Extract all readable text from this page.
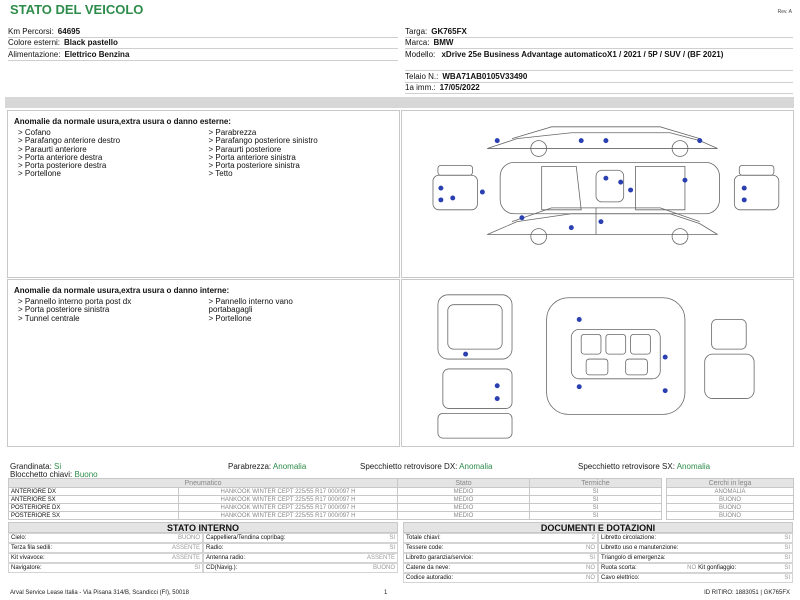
STATO DEL VEICOLO	Rev. A
Km Percorsi: 64695
Colore esterni: Black pastello
Alimentazione: Elettrico Benzina
Targa: GK765FX
Marca: BMW
Modello: xDrive 25e Business Advantage automaticoX1 / 2021 / 5P / SUV / (BF 2021)
Telaio N.: WBA71AB0105V33490
1a imm.: 17/05/2022
Anomalie da normale usura,extra usura o danno esterne:
> Cofano
> Parafango anteriore destro
> Paraurti anteriore
> Porta anteriore destra
> Porta posteriore destra
> Portellone
> Parabrezza
> Parafango posteriore sinistro
> Paraurti posteriore
> Porta anteriore sinistra
> Porta posteriore sinistra
> Tetto
Anomalie da normale usura,extra usura o danno interne:
> Pannello interno porta post dx
> Porta posteriore sinistra
> Tunnel centrale
> Pannello interno vano
portabagagli
> Portellone
Grandinata: Si
Blocchetto chiavi: Buono
Parabrezza: Anomalia	Specchietto retrovisore DX: Anomalia	Specchietto retrovisore SX: Anomalia
Pneumatico		Stato	Termiche
ANTERIORE DX	HANKOOK WINTER CEPT 225/55 R17 000/097 H	MEDIO	SI
ANTERIORE SX	HANKOOK WINTER CEPT 225/55 R17 000/097 H	MEDIO	SI
POSTERIORE DX	HANKOOK WINTER CEPT 225/55 R17 000/097 H	MEDIO	SI
POSTERIORE SX	HANKOOK WINTER CEPT 225/55 R17 000/097 H	MEDIO	SI
Cerchi in lega
ANOMALIA
BUONO
BUONO
BUONO
STATO INTERNO
Cielo:	BUONO Cappelliera/Tendina copribag:	SI
Terza fila sedili:	ASSENTE Radio:	SI
Kit vivavoce:	ASSENTE Antenna radio:	ASSENTE
Navigatore:	SI CD(Navig.):	BUONO
DOCUMENTI E DOTAZIONI
Totale chiavi:	2 Libretto circolazione:	SI
Tessere code:	NO Libretto uso e manutenzione:	SI
Libretto garanzia/service:	SI Triangolo di emergenza:	SI
Catene da neve:	NO Ruota scorta:	NO Kit gonfiaggio:	SI
Codice autoradio:	NO Cavo elettrico:	SI
Arval Service Lease Italia - Via Pisana 314/B, Scandicci (FI), 50018	1	ID RITIRO: 1883051 | GK765FX
